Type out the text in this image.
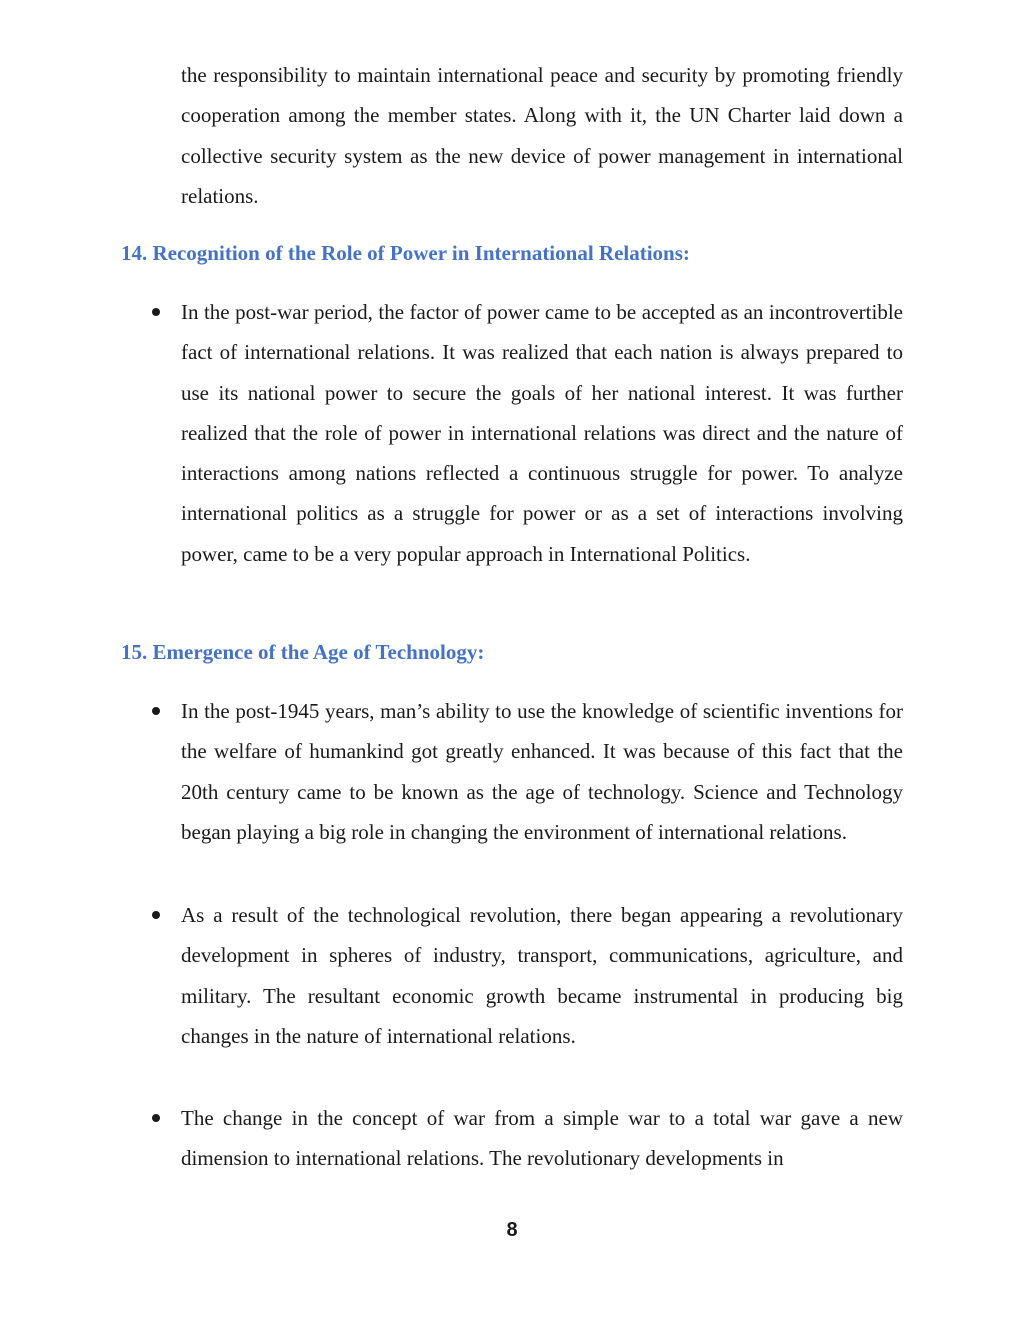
the responsibility to maintain international peace and security by promoting friendly cooperation among the member states. Along with it, the UN Charter laid down a collective security system as the new device of power management in international relations.

14. Recognition of the Role of Power in International Relations:

In the post-war period, the factor of power came to be accepted as an incontrovertible fact of international relations. It was realized that each nation is always prepared to use its national power to secure the goals of her national interest. It was further realized that the role of power in international relations was direct and the nature of interactions among nations reflected a continuous struggle for power. To analyze international politics as a struggle for power or as a set of interactions involving power, came to be a very popular approach in International Politics.

15. Emergence of the Age of Technology:

In the post-1945 years, man’s ability to use the knowledge of scientific inventions for the welfare of humankind got greatly enhanced. It was because of this fact that the 20th century came to be known as the age of technology. Science and Technology began playing a big role in changing the environment of international relations.

As a result of the technological revolution, there began appearing a revolutionary development in spheres of industry, transport, communications, agriculture, and military. The resultant economic growth became instrumental in producing big changes in the nature of international relations.

The change in the concept of war from a simple war to a total war gave a new dimension to international relations. The revolutionary developments in

8
